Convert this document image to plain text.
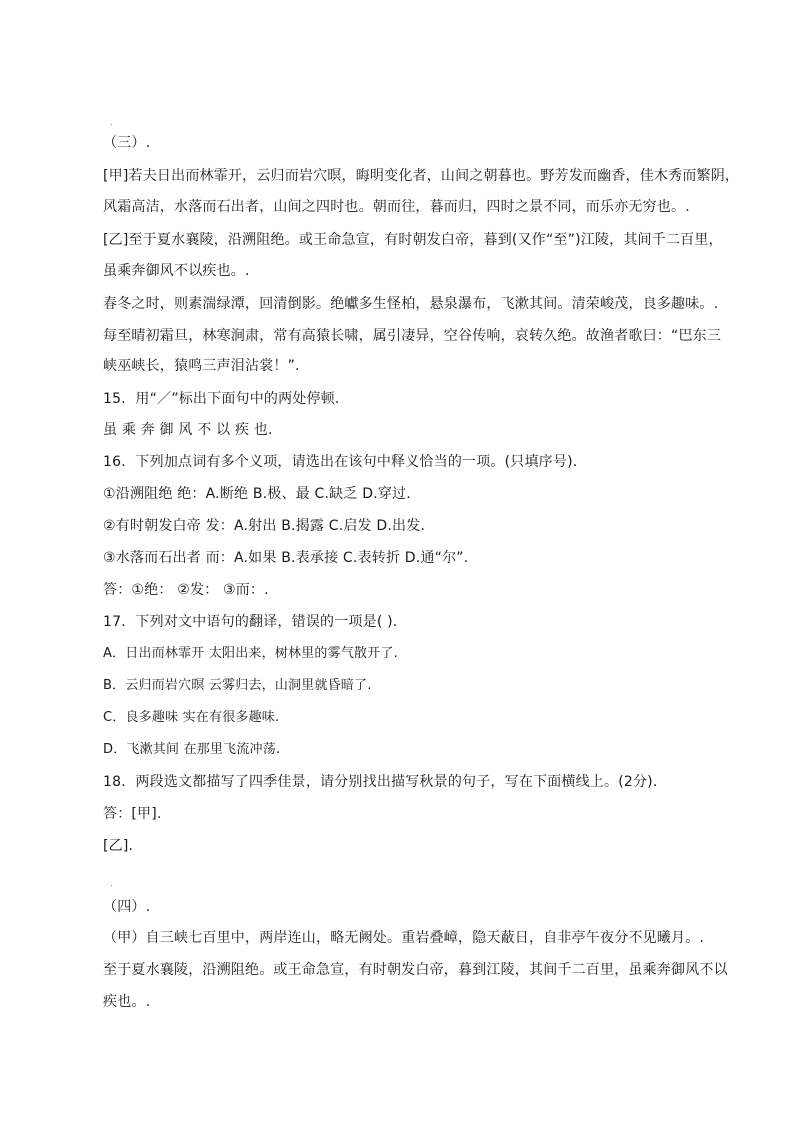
.
（三）.
[甲]若夫日出而林霏开，云归而岩穴暝，晦明变化者，山间之朝暮也。野芳发而幽香，佳木秀而繁阴，
风霜高洁，水落而石出者，山间之四时也。朝而往，暮而归，四时之景不同，而乐亦无穷也。.
[乙]至于夏水襄陵，沿溯阻绝。或王命急宣，有时朝发白帝，暮到(又作“至”)江陵，其间千二百里，
虽乘奔御风不以疾也。.
春冬之时，则素湍绿潭，回清倒影。绝巘多生怪柏，悬泉瀑布，飞漱其间。清荣峻茂，良多趣味。.
每至晴初霜旦，林寒涧肃，常有高猿长啸，属引凄异，空谷传响，哀转久绝。故渔者歌曰：“巴东三
峡巫峡长，猿鸣三声泪沾裳！”.
15．用“／”标出下面句中的两处停顿.
虽 乘 奔 御 风 不 以 疾 也.
16．下列加点词有多个义项，请选出在该句中释义恰当的一项。(只填序号).
①沿溯阻绝 绝：A.断绝 B.极、最 C.缺乏 D.穿过.
②有时朝发白帝 发：A.射出 B.揭露 C.启发 D.出发.
③水落而石出者 而：A.如果 B.表承接 C.表转折 D.通“尔”.
答：①绝： ②发： ③而：.
17．下列对文中语句的翻译，错误的一项是( ).
A．日出而林霏开 太阳出来，树林里的雾气散开了.
B．云归而岩穴暝 云雾归去，山洞里就昏暗了.
C．良多趣味 实在有很多趣味.
D．飞漱其间 在那里飞流冲荡.
18．两段选文都描写了四季佳景，请分别找出描写秋景的句子，写在下面横线上。(2分).
答：[甲].
[乙].
.
（四）.
（甲）自三峡七百里中，两岸连山，略无阙处。重岩叠嶂，隐天蔽日，自非亭午夜分不见曦月。.
至于夏水襄陵，沿溯阻绝。或王命急宣，有时朝发白帝，暮到江陵，其间千二百里，虽乘奔御风不以
疾也。.
